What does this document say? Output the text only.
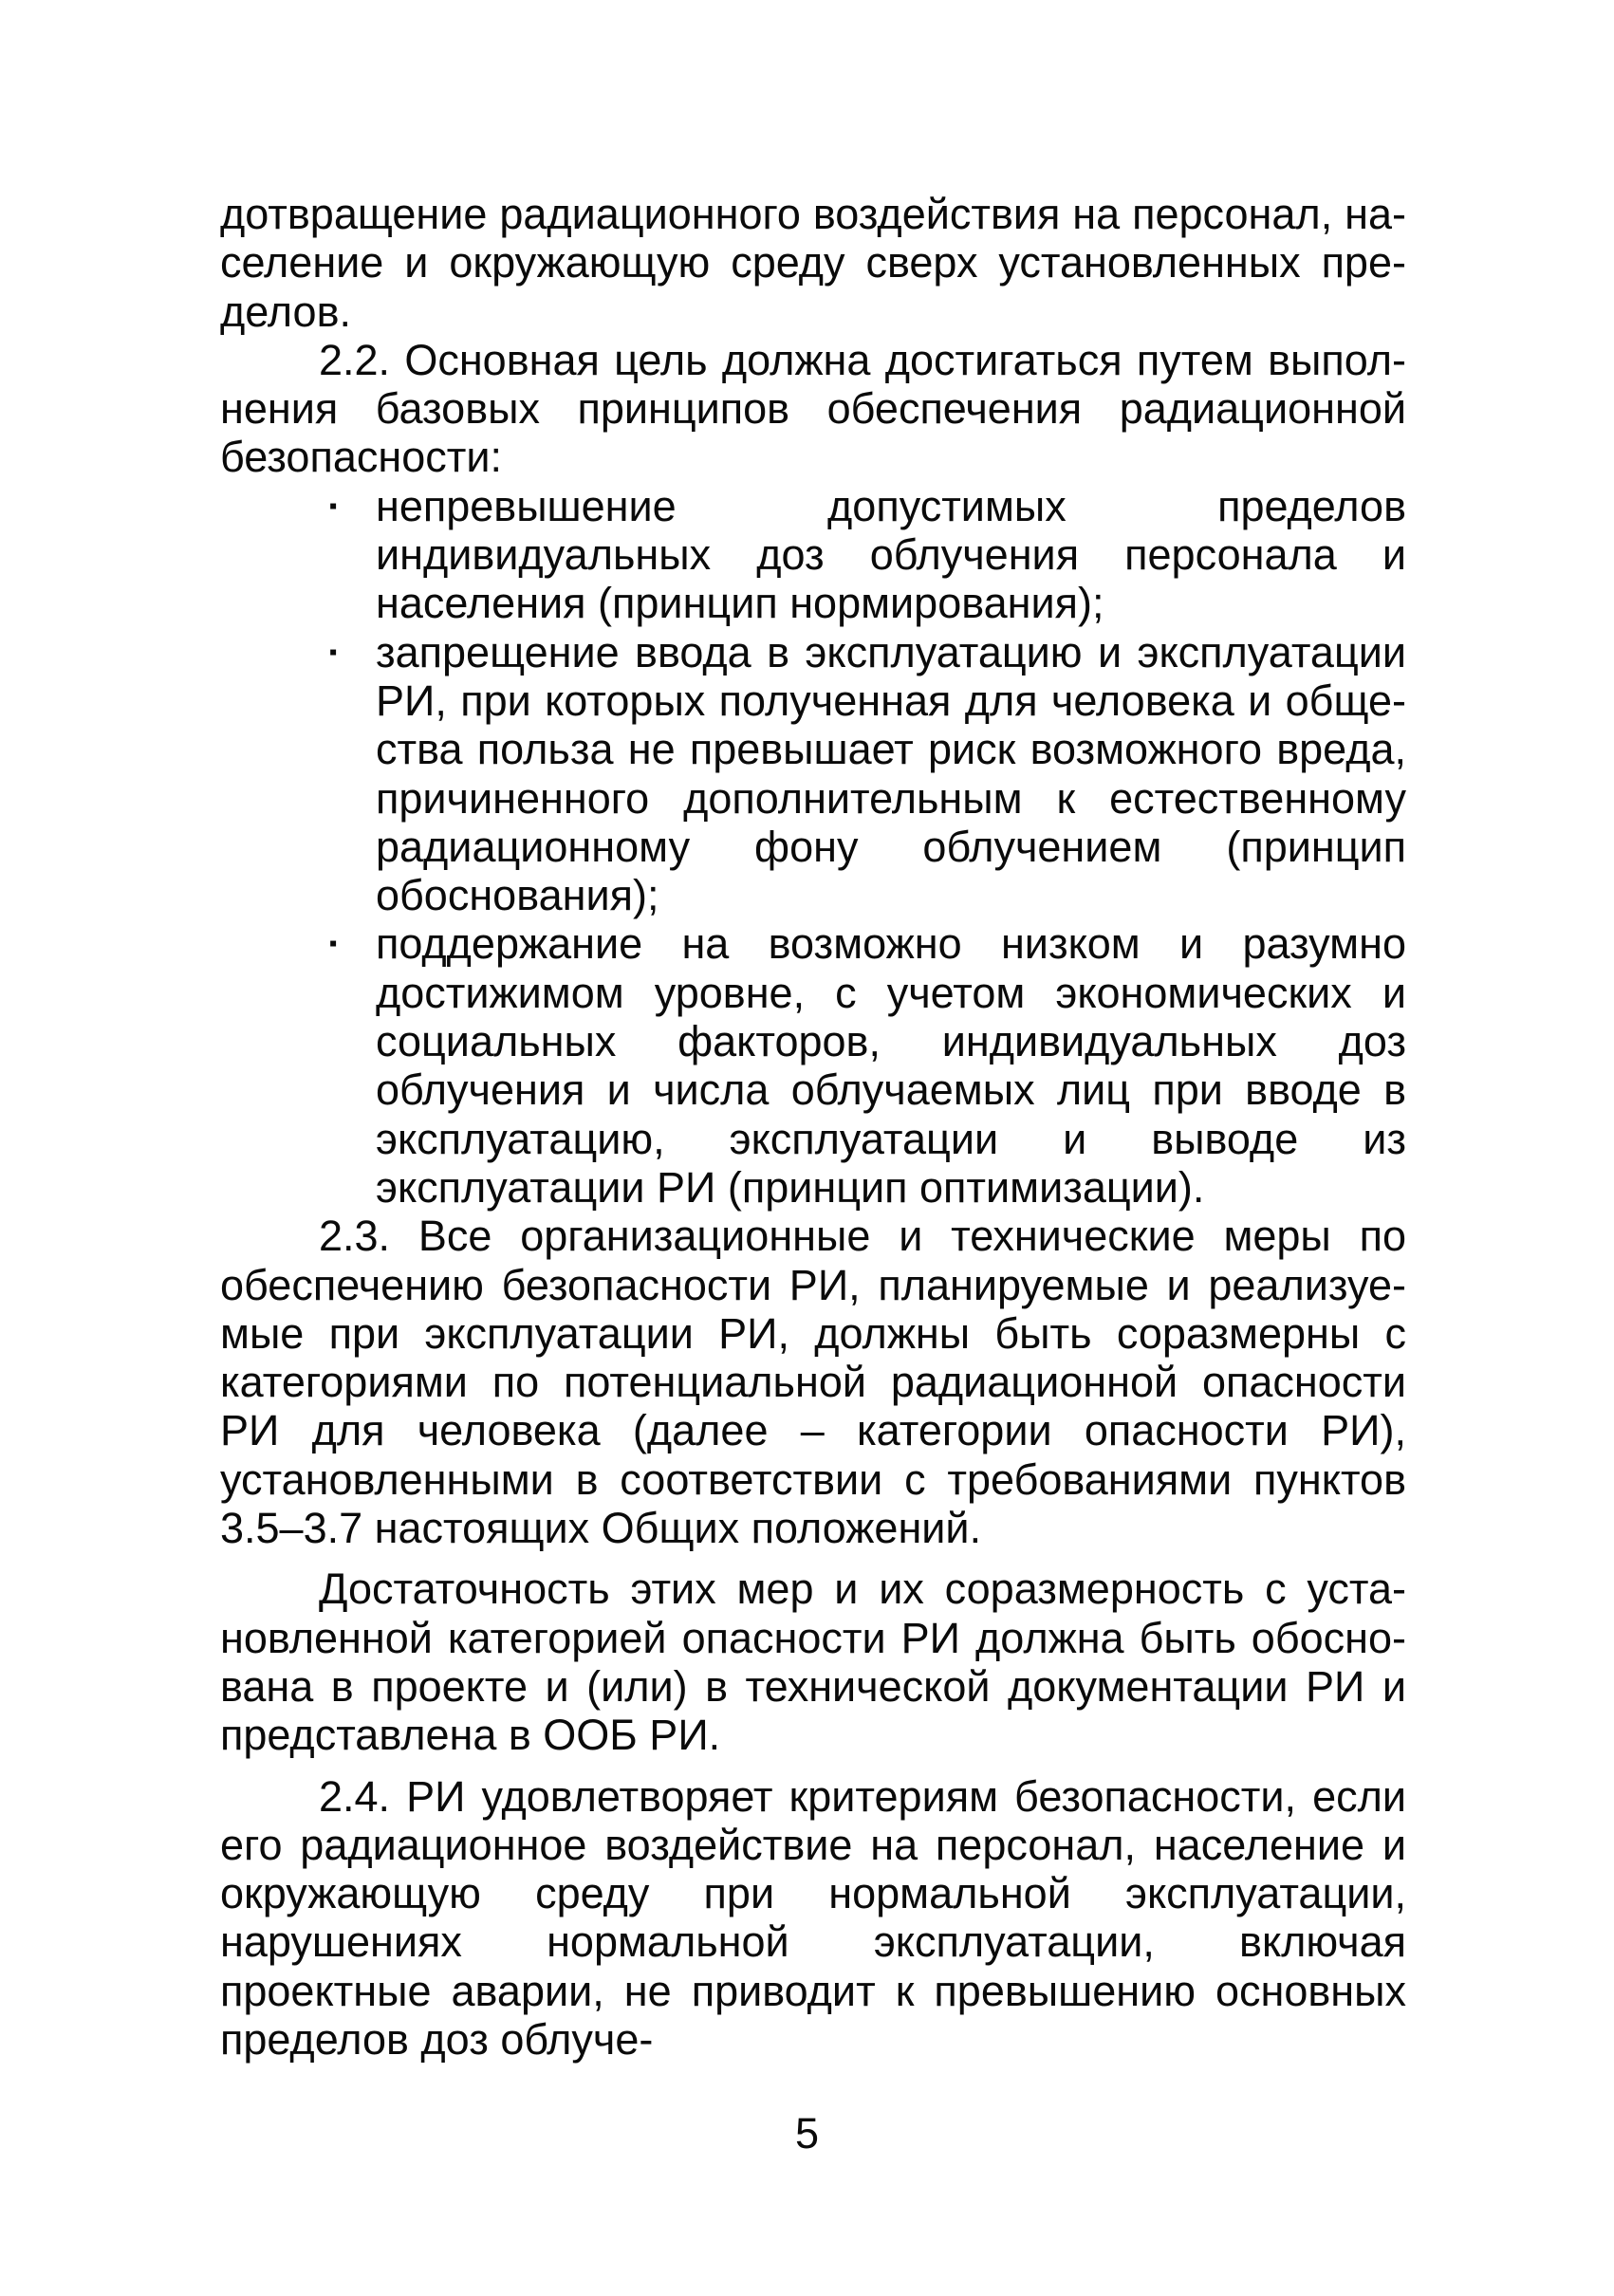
дотвращение радиационного воздействия на персонал, население и окружающую среду сверх установленных пределов.

2.2. Основная цель должна достигаться путем выполнения базовых принципов обеспечения радиационной безопасности:

▪ непревышение допустимых пределов индивидуальных доз облучения персонала и населения (принцип нормирования);
▪ запрещение ввода в эксплуатацию и эксплуатации РИ, при которых полученная для человека и общества польза не превышает риск возможного вреда, причиненного дополнительным к естественному радиационному фону облучением (принцип обоснования);
▪ поддержание на возможно низком и разумно достижимом уровне, с учетом экономических и социальных факторов, индивидуальных доз облучения и числа облучаемых лиц при вводе в эксплуатацию, эксплуатации и выводе из эксплуатации РИ (принцип оптимизации).

2.3. Все организационные и технические меры по обеспечению безопасности РИ, планируемые и реализуемые при эксплуатации РИ, должны быть соразмерны с категориями по потенциальной радиационной опасности РИ для человека (далее – категории опасности РИ), установленными в соответствии с требованиями пунктов 3.5–3.7 настоящих Общих положений.

Достаточность этих мер и их соразмерность с установленной категорией опасности РИ должна быть обоснована в проекте и (или) в технической документации РИ и представлена в ООБ РИ.

2.4. РИ удовлетворяет критериям безопасности, если его радиационное воздействие на персонал, население и окружающую среду при нормальной эксплуатации, нарушениях нормальной эксплуатации, включая проектные аварии, не приводит к превышению основных пределов доз облуче-

5
